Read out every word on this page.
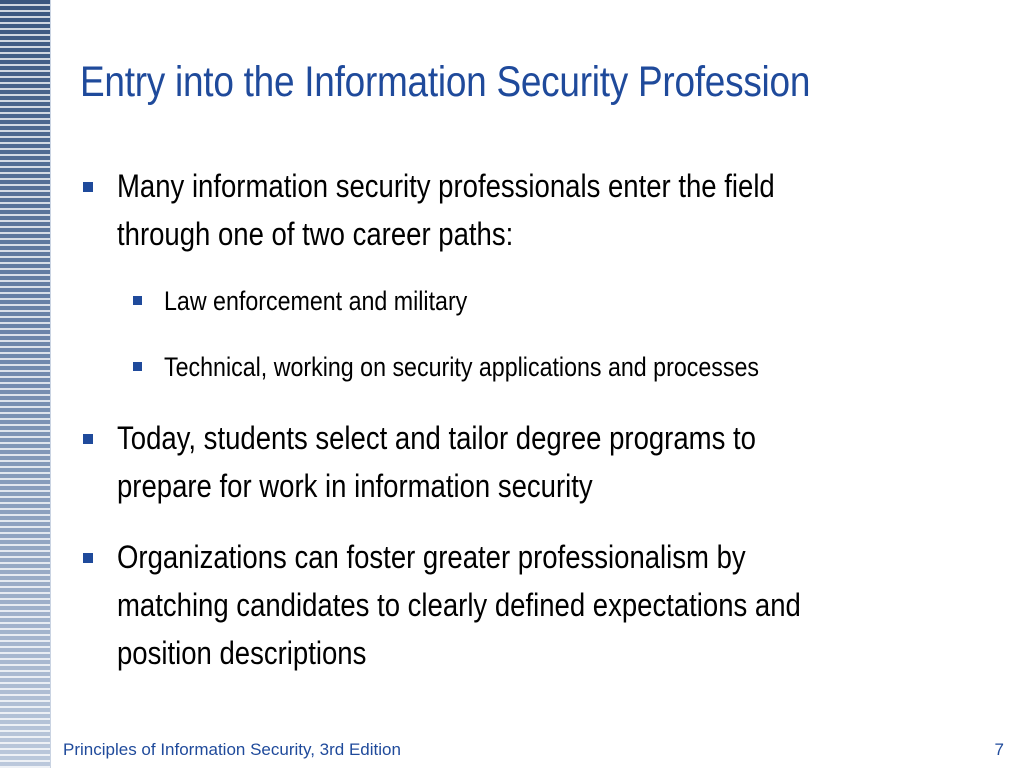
Entry into the Information Security Profession
Many information security professionals enter the field
through one of two career paths:
Law enforcement and military
Technical, working on security applications and processes
Today, students select and tailor degree programs to
prepare for work in information security
Organizations can foster greater professionalism by
matching candidates to clearly defined expectations and
position descriptions
Principles of Information Security, 3rd Edition	7
